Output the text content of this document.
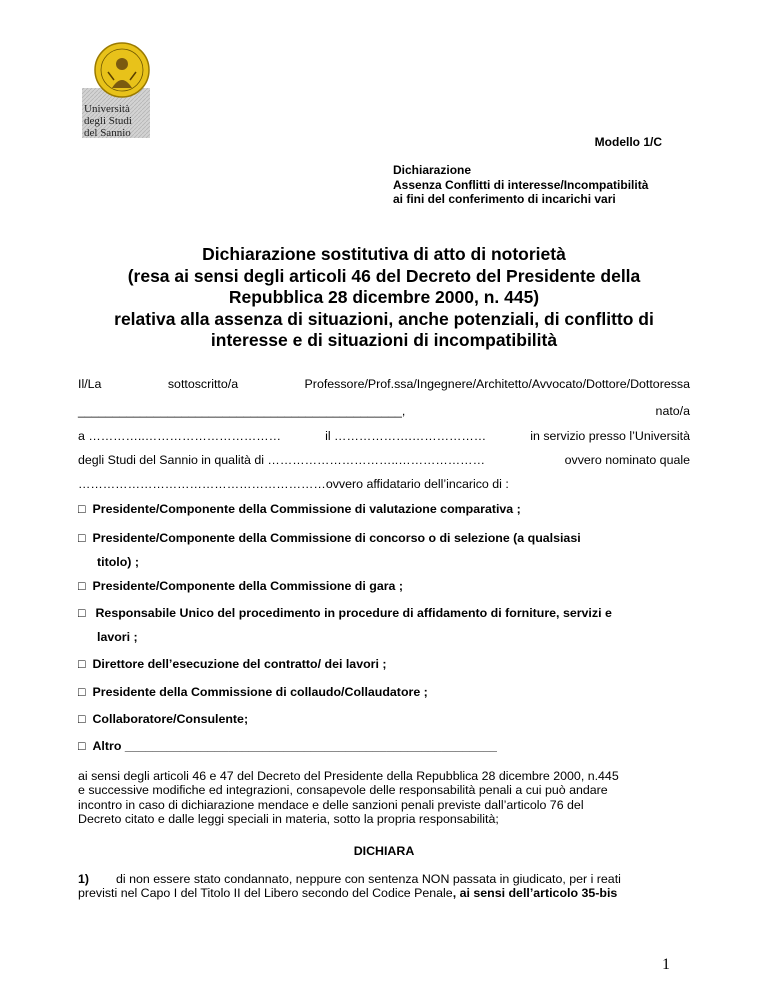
Università
degli Studi
del Sannio
Modello 1/C
Dichiarazione
Assenza Conflitti di interesse/Incompatibilità
ai fini del conferimento di incarichi vari
Dichiarazione sostitutiva di atto di notorietà
(resa ai sensi degli articoli 46 del Decreto del Presidente della
Repubblica 28 dicembre 2000, n. 445)
relativa alla assenza di situazioni, anche potenziali, di conflitto di
interesse e di situazioni di incompatibilità
Il/La	sottoscritto/a	Professore/Prof.ssa/Ingegnere/Architetto/Avvocato/Dottore/Dottoressa
_______________________________________________,	nato/a
a …………..……………………………	il ……………….………………	in servizio presso l’Università
degli Studi del Sannio in qualità di …………………………..…………………	ovvero nominato quale
……………………………………………………ovvero affidatario dell’incarico di :
□ Presidente/Componente della Commissione di valutazione comparativa ;
□ Presidente/Componente della Commissione di concorso o di selezione (a qualsiasi
titolo) ;
□ Presidente/Componente della Commissione di gara ;
□ Responsabile Unico del procedimento in procedure di affidamento di forniture, servizi e
lavori ;
□ Direttore dell’esecuzione del contratto/ dei lavori ;
□ Presidente della Commissione di collaudo/Collaudatore ;
□ Collaboratore/Consulente;
□ Altro ______________________________________________________
ai sensi degli articoli 46 e 47 del Decreto del Presidente della Repubblica 28 dicembre 2000, n.445
e successive modifiche ed integrazioni, consapevole delle responsabilità penali a cui può andare
incontro in caso di dichiarazione mendace e delle sanzioni penali previste dall’articolo 76 del
Decreto citato e dalle leggi speciali in materia, sotto la propria responsabilità;
DICHIARA
1) di non essere stato condannato, neppure con sentenza NON passata in giudicato, per i reati
previsti nel Capo I del Titolo II del Libero secondo del Codice Penale, ai sensi dell’articolo 35-bis
1
